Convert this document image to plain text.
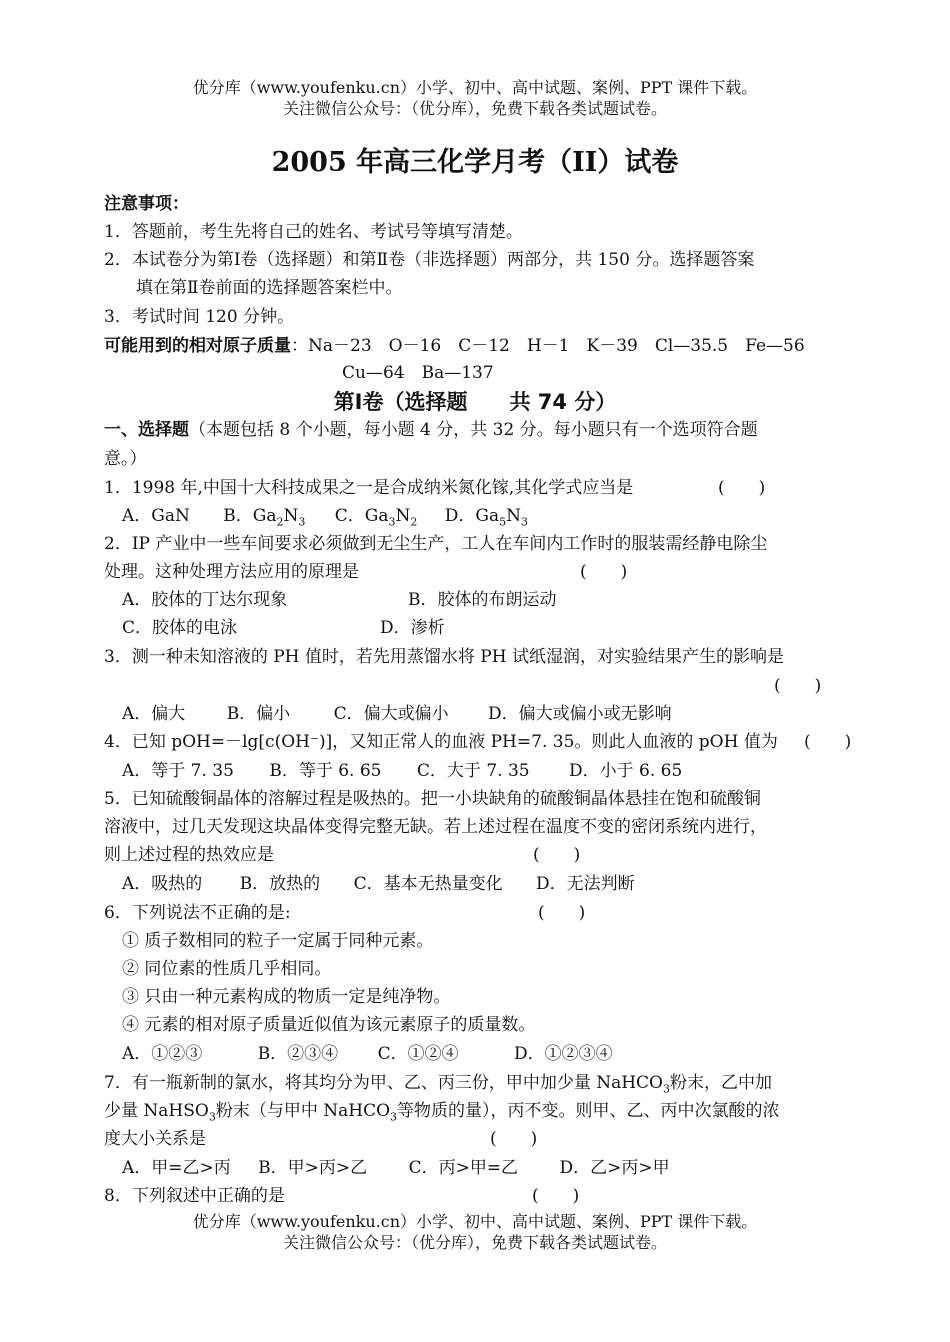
优分库（www.youfenku.cn）小学、初中、高中试题、案例、PPT 课件下载。
关注微信公众号：（优分库），免费下载各类试题试卷。
2005 年高三化学月考（II）试卷
注意事项：
1．答题前，考生先将自己的姓名、考试号等填写清楚。
2．本试卷分为第Ⅰ卷（选择题）和第Ⅱ卷（非选择题）两部分，共 150 分。选择题答案
填在第Ⅱ卷前面的选择题答案栏中。
3．考试时间 120 分钟。
可能用到的相对原子质量：Na－23　O－16　C－12　H－1　K－39　Cl—35.5　Fe—56
Cu—64　Ba—137
第Ⅰ卷（选择题　　共 74 分）
一、选择题（本题包括 8 个小题，每小题 4 分，共 32 分。每小题只有一个选项符合题
意。）
1．1998 年,中国十大科技成果之一是合成纳米氮化镓,其化学式应当是	(　　)
A．GaN B．$Ga_2N_3$ C．$Ga_3N_2$ D．$Ga_5N_3$
2．IP 产业中一些车间要求必须做到无尘生产，工人在车间内工作时的服装需经静电除尘
处理。这种处理方法应用的原理是	(　　)
A．胶体的丁达尔现象	B．胶体的布朗运动
C．胶体的电泳	D．渗析
3．测一种未知溶液的 PH 值时，若先用蒸馏水将 PH 试纸湿润，对实验结果产生的影响是
(　　)
A．偏大 B．偏小	C．偏大或偏小 D．偏大或偏小或无影响
4．已知 pOH=－lg[c(OH⁻)]，又知正常人的血液 PH=7. 35。则此人血液的 pOH 值为 (　　)
A．等于 7. 35 B．等于 6. 65 C．大于 7. 35 D．小于 6. 65
5．已知硫酸铜晶体的溶解过程是吸热的。把一小块缺角的硫酸铜晶体悬挂在饱和硫酸铜
溶液中，过几天发现这块晶体变得完整无缺。若上述过程在温度不变的密闭系统内进行，
则上述过程的热效应是	(　　)
A．吸热的 B．放热的 C．基本无热量变化 D．无法判断
6．下列说法不正确的是:	(　　)
① 质子数相同的粒子一定属于同种元素。
② 同位素的性质几乎相同。
③ 只由一种元素构成的物质一定是纯净物。
④ 元素的相对原子质量近似值为该元素原子的质量数。
A．①②③	B．②③④ C．①②④	D．①②③④
7．有一瓶新制的氯水，将其均分为甲、乙、丙三份，甲中加少量 NaHCO$_3$粉末，乙中加
少量 NaHSO$_3$粉末（与甲中 NaHCO$_3$等物质的量），丙不变。则甲、乙、丙中次氯酸的浓
度大小关系是	(　　)
A．甲=乙>丙 B．甲>丙>乙 C．丙>甲=乙 D．乙>丙>甲
8．下列叙述中正确的是	(　　)
优分库（www.youfenku.cn）小学、初中、高中试题、案例、PPT 课件下载。
关注微信公众号：（优分库），免费下载各类试题试卷。
